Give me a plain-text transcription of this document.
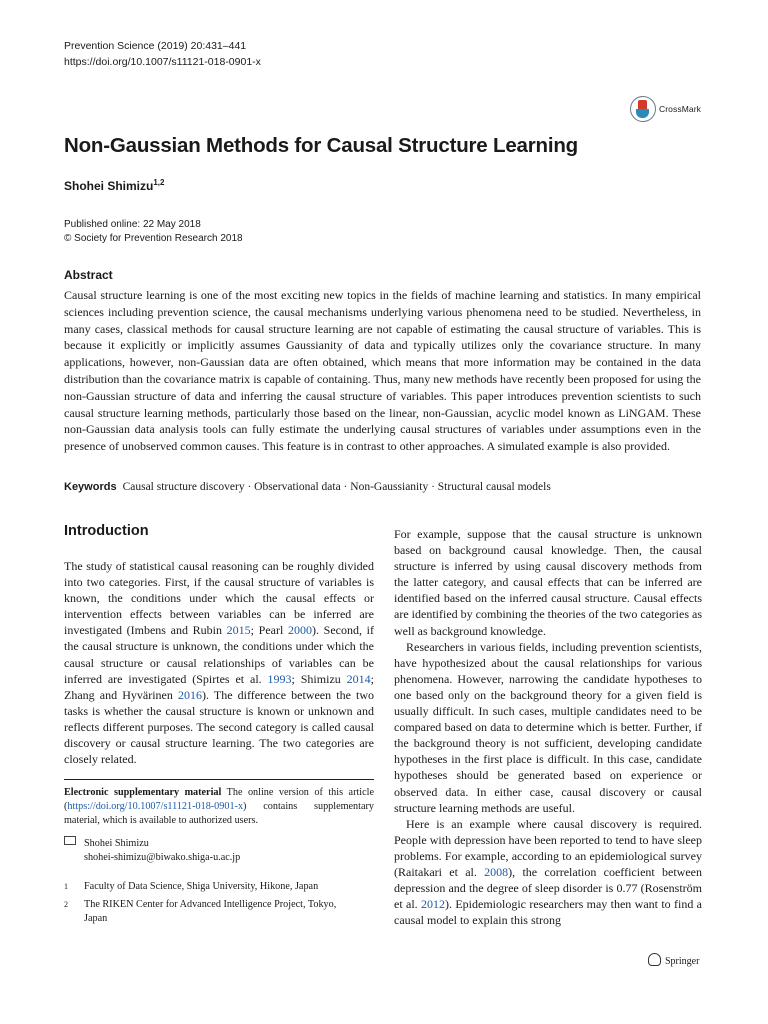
Prevention Science (2019) 20:431–441
https://doi.org/10.1007/s11121-018-0901-x
CrossMark
Non-Gaussian Methods for Causal Structure Learning
Shohei Shimizu$^{1,2}$
Published online: 22 May 2018
© Society for Prevention Research 2018
Abstract
Causal structure learning is one of the most exciting new topics in the fields of machine learning and statistics. In many empirical sciences including prevention science, the causal mechanisms underlying various phenomena need to be studied. Nevertheless, in many cases, classical methods for causal structure learning are not capable of estimating the causal structure of variables. This is because it explicitly or implicitly assumes Gaussianity of data and typically utilizes only the covariance structure. In many applications, however, non-Gaussian data are often obtained, which means that more information may be contained in the data distribution than the covariance matrix is capable of containing. Thus, many new methods have recently been proposed for using the non-Gaussian structure of data and inferring the causal structure of variables. This paper introduces prevention scientists to such causal structure learning methods, particularly those based on the linear, non-Gaussian, acyclic model known as LiNGAM. These non-Gaussian data analysis tools can fully estimate the underlying causal structures of variables under assumptions even in the presence of unobserved common causes. This feature is in contrast to other approaches. A simulated example is also provided.
Keywords Causal structure discovery · Observational data · Non-Gaussianity · Structural causal models
Introduction

The study of statistical causal reasoning can be roughly divided into two categories. First, if the causal structure of variables is known, the conditions under which the causal effects or intervention effects between variables can be inferred are investigated (Imbens and Rubin 2015; Pearl 2000). Second, if the causal structure is unknown, the conditions under which the causal structure or causal relationships of variables can be inferred are investigated (Spirtes et al. 1993; Shimizu 2014; Zhang and Hyvärinen 2016). The difference between the two tasks is whether the causal structure is known or unknown and reflects different purposes. The second category is called causal discovery or causal structure learning. The two categories are closely related.

For example, suppose that the causal structure is unknown based on background causal knowledge. Then, the causal structure is inferred by using causal discovery methods from the latter category, and causal effects that can be inferred are identified based on the inferred causal structure. Causal effects are identified by combining the theories of the two categories as well as background knowledge.

Researchers in various fields, including prevention scientists, have hypothesized about the causal relationships for various phenomena. However, narrowing the candidate hypotheses to one based only on the background theory for a given field is usually difficult. In such cases, multiple candidates need to be compared based on data to determine which is better. Further, if the background theory is not sufficient, developing candidate hypotheses in the first place is difficult. In this case, candidate hypotheses should be generated based on experience or observed data. In either case, causal discovery or causal structure learning methods are useful.

Here is an example where causal discovery is required. People with depression have been reported to tend to have sleep problems. For example, according to an epidemiological survey (Raitakari et al. 2008), the correlation coefficient between depression and the degree of sleep disorder is 0.77 (Rosenström et al. 2012). Epidemiologic researchers may then want to find a causal model to explain this strong

Electronic supplementary material The online version of this article (https://doi.org/10.1007/s11121-018-0901-x) contains supplementary material, which is available to authorized users.
Shohei Shimizu
shohei-shimizu@biwako.shiga-u.ac.jp
1 Faculty of Data Science, Shiga University, Hikone, Japan
2 The RIKEN Center for Advanced Intelligence Project, Tokyo, Japan
Springer
